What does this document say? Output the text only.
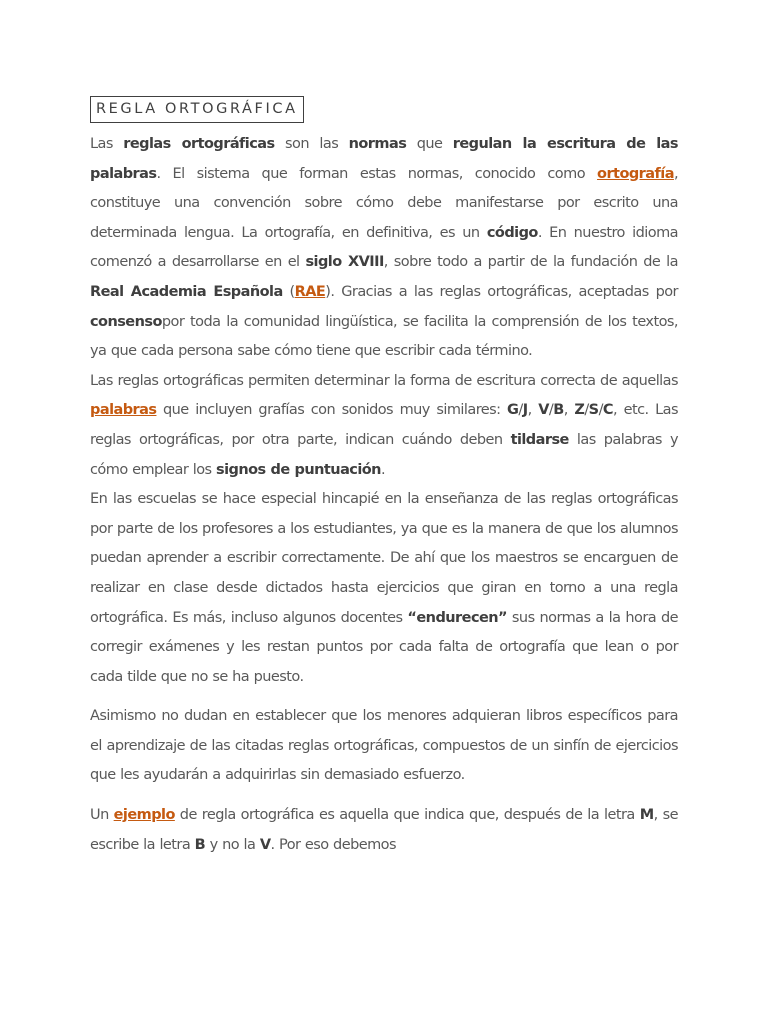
REGLA ORTOGRÁFICA

Las reglas ortográficas son las normas que regulan la escritura de las palabras. El sistema que forman estas normas, conocido como ortografía, constituye una convención sobre cómo debe manifestarse por escrito una determinada lengua. La ortografía, en definitiva, es un código. En nuestro idioma comenzó a desarrollarse en el siglo XVIII, sobre todo a partir de la fundación de la Real Academia Española (RAE). Gracias a las reglas ortográficas, aceptadas por consensopor toda la comunidad lingüística, se facilita la comprensión de los textos, ya que cada persona sabe cómo tiene que escribir cada término.

Las reglas ortográficas permiten determinar la forma de escritura correcta de aquellas palabras que incluyen grafías con sonidos muy similares: G/J, V/B, Z/S/C, etc. Las reglas ortográficas, por otra parte, indican cuándo deben tildarse las palabras y cómo emplear los signos de puntuación.

En las escuelas se hace especial hincapié en la enseñanza de las reglas ortográficas por parte de los profesores a los estudiantes, ya que es la manera de que los alumnos puedan aprender a escribir correctamente. De ahí que los maestros se encarguen de realizar en clase desde dictados hasta ejercicios que giran en torno a una regla ortográfica. Es más, incluso algunos docentes “endurecen” sus normas a la hora de corregir exámenes y les restan puntos por cada falta de ortografía que lean o por cada tilde que no se ha puesto.

Asimismo no dudan en establecer que los menores adquieran libros específicos para el aprendizaje de las citadas reglas ortográficas, compuestos de un sinfín de ejercicios que les ayudarán a adquirirlas sin demasiado esfuerzo.

Un ejemplo de regla ortográfica es aquella que indica que, después de la letra M, se escribe la letra B y no la V. Por eso debemos
